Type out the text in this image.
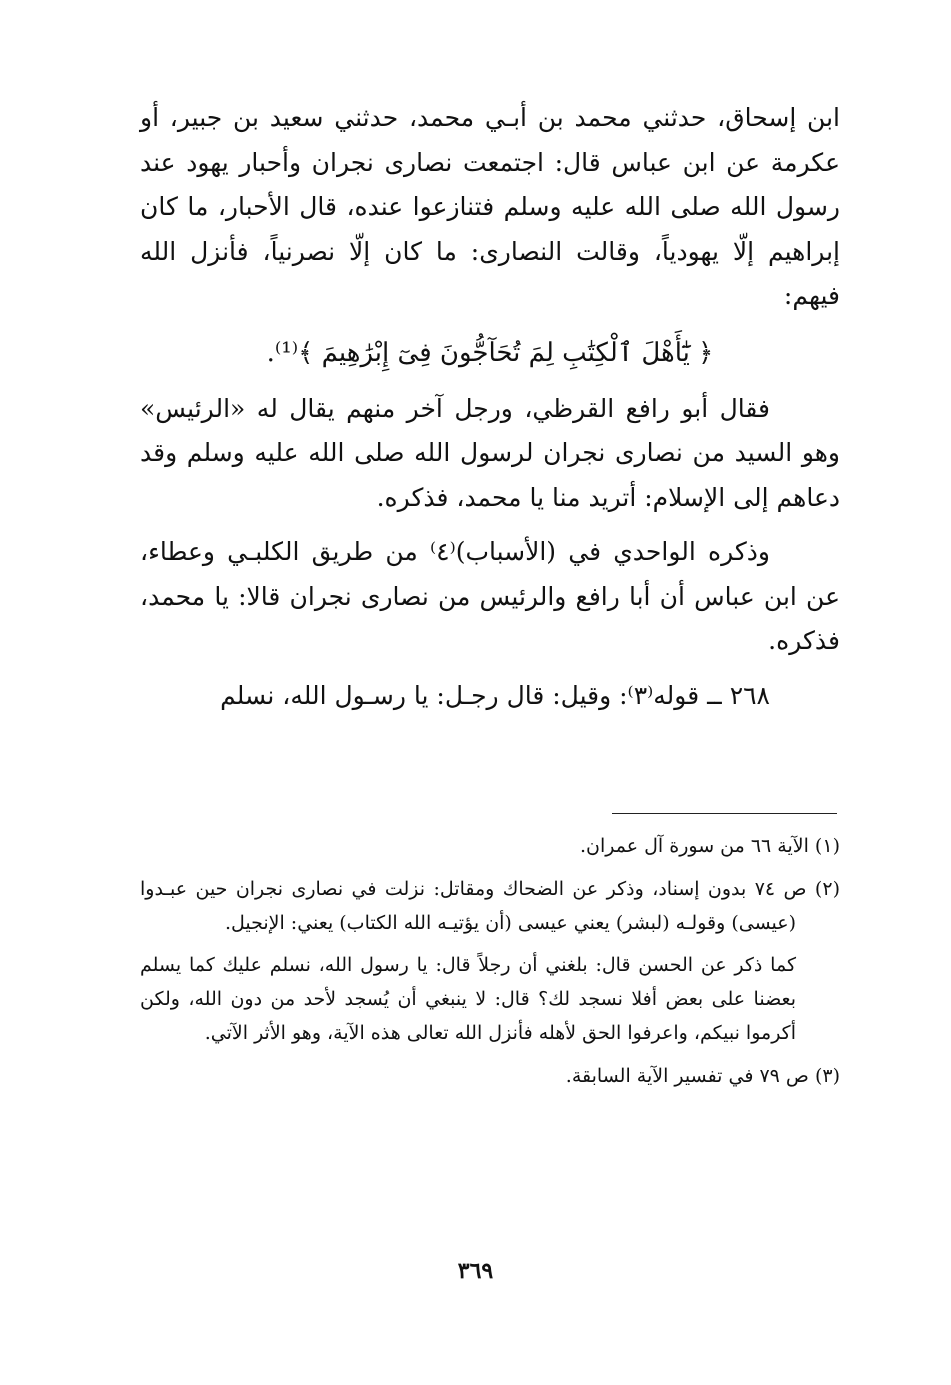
ابن إسحاق، حدثني محمد بن أبـي محمد، حدثني سعيد بن جبير، أو عكرمة عن ابن عباس قال: اجتمعت نصارى نجران وأحبار يهود عند رسول الله صلى الله عليه وسلم فتنازعوا عنده، قال الأحبار، ما كان إبراهيم إلّا يهودياً، وقالت النصارى: ما كان إلّا نصرنياً، فأنزل الله فيهم:

﴿ يَٰٓأَهْلَ ٱلْكِتَٰبِ لِمَ تُحَآجُّونَ فِىٓ إِبْرَٰهِيمَ ﴾⁽¹⁾.

فقال أبو رافع القرظي، ورجل آخر منهم يقال له «الرئيس» وهو السيد من نصارى نجران لرسول الله صلى الله عليه وسلم وقد دعاهم إلى الإسلام: أتريد منا يا محمد، فذكره.

وذكره الواحدي في (الأسباب)⁽٤⁾ من طريق الكلبـي وعطاء، عن ابن عباس أن أبا رافع والرئيس من نصارى نجران قالا: يا محمد، فذكره.

٢٦٨ ــ قوله⁽٣⁾: وقيل: قال رجـل: يا رسـول الله، نسلم

(١) الآية ٦٦ من سورة آل عمران.

(٢) ص ٧٤ بدون إسناد، وذكر عن الضحاك ومقاتل: نزلت في نصارى نجران حين عبـدوا (عيسى) وقولـه (لبشر) يعني عيسى (أن يؤتيـه الله الكتاب) يعني: الإنجيل.

كما ذكر عن الحسن قال: بلغني أن رجلاً قال: يا رسول الله، نسلم عليك كما يسلم بعضنا على بعض أفلا نسجد لك؟ قال: لا ينبغي أن يُسجد لأحد من دون الله، ولكن أكرموا نبيكم، واعرفوا الحق لأهله فأنزل الله تعالى هذه الآية، وهو الأثر الآتي.

(٣) ص ٧٩ في تفسير الآية السابقة.

٣٦٩
